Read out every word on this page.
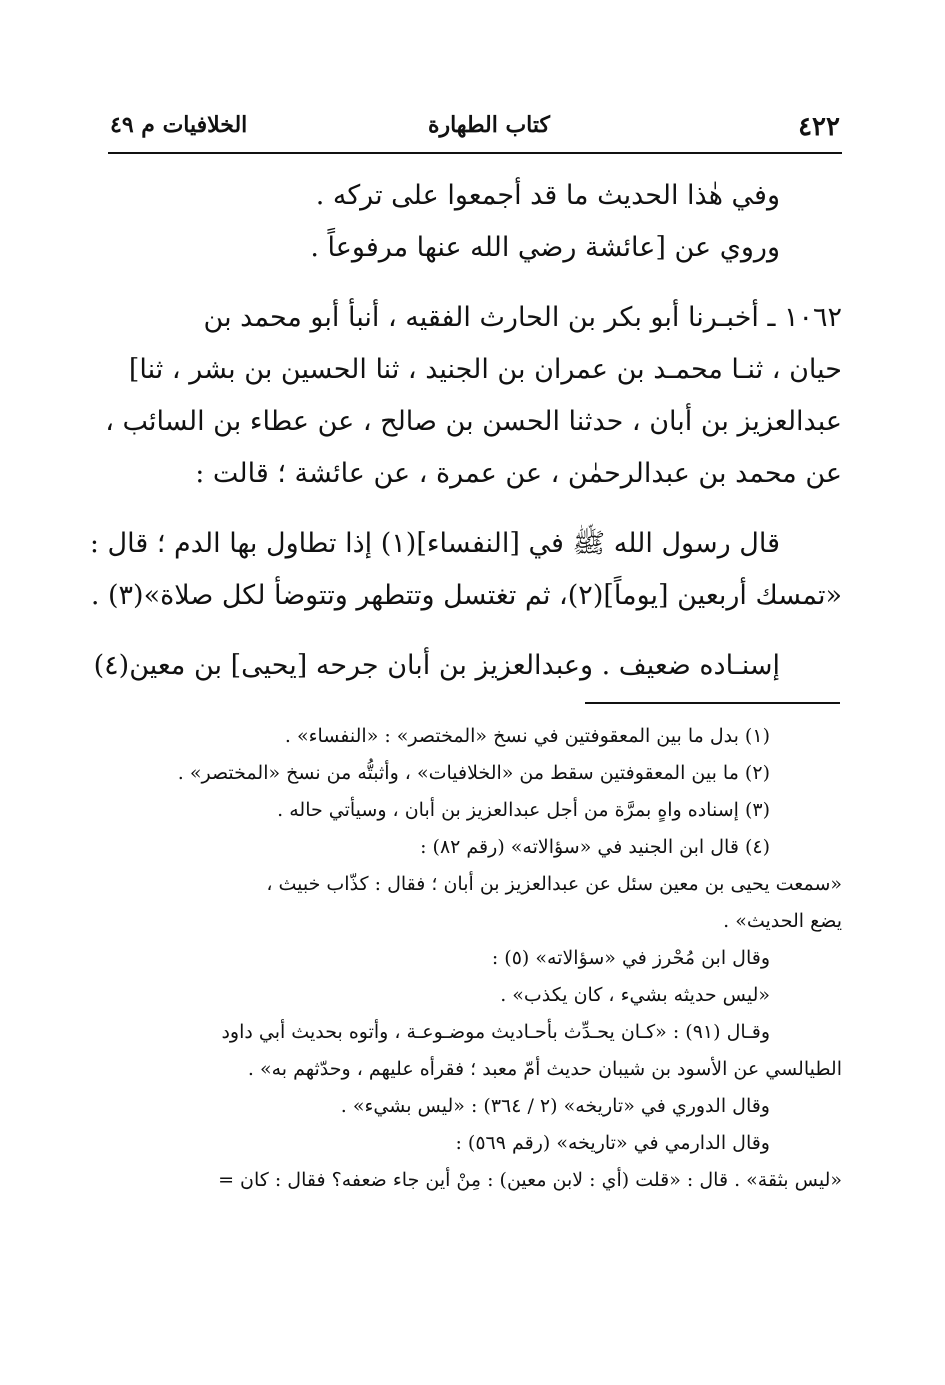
٤٢٢
كتاب الطهارة
الخلافيات م ٤٩
وفي هٰذا الحديث ما قد أجمعوا على تركه .
وروي عن [عائشة رضي الله عنها مرفوعاً .
١٠٦٢ ـ أخبـرنا أبو بكر بن الحارث الفقيه ، أنبأ أبو محمد بن
حيان ، ثنـا محمـد بن عمران بن الجنيد ، ثنا الحسين بن بشر ، ثنا]
عبدالعزيز بن أبان ، حدثنا الحسن بن صالح ، عن عطاء بن السائب ،
عن محمد بن عبدالرحمٰن ، عن عمرة ، عن عائشة ؛ قالت :
قال رسول الله ﷺ في [النفساء](١) إذا تطاول بها الدم ؛ قال :
«تمسك أربعين [يوماً](٢)، ثم تغتسل وتتطهر وتتوضأ لكل صلاة»(٣) .
إسنـاده ضعيف . وعبدالعزيز بن أبان جرحه [يحيى] بن معين(٤)
(١) بدل ما بين المعقوفتين في نسخ «المختصر» : «النفساء» .
(٢) ما بين المعقوفتين سقط من «الخلافيات» ، وأثبتُّه من نسخ «المختصر» .
(٣) إسناده واهٍ بمرَّة من أجل عبدالعزيز بن أبان ، وسيأتي حاله .
(٤) قال ابن الجنيد في «سؤالاته» (رقم ٨٢) :
«سمعت يحيى بن معين سئل عن عبدالعزيز بن أبان ؛ فقال : كذّاب خبيث ،
يضع الحديث» .
وقال ابن مُحْرز في «سؤالاته» (٥) :
«ليس حديثه بشيء ، كان يكذب» .
وقـال (٩١) : «كـان يحـدِّث بأحـاديث موضـوعـة ، وأتوه بحديث أبي داود
الطيالسي عن الأسود بن شيبان حديث أمّ معبد ؛ فقرأه عليهم ، وحدّثهم به» .
وقال الدوري في «تاريخه» (٢ / ٣٦٤) : «ليس بشيء» .
وقال الدارمي في «تاريخه» (رقم ٥٦٩) :
«ليس بثقة» . قال : «قلت (أي : لابن معين) : مِنْ أين جاء ضعفه؟ فقال : كان =
